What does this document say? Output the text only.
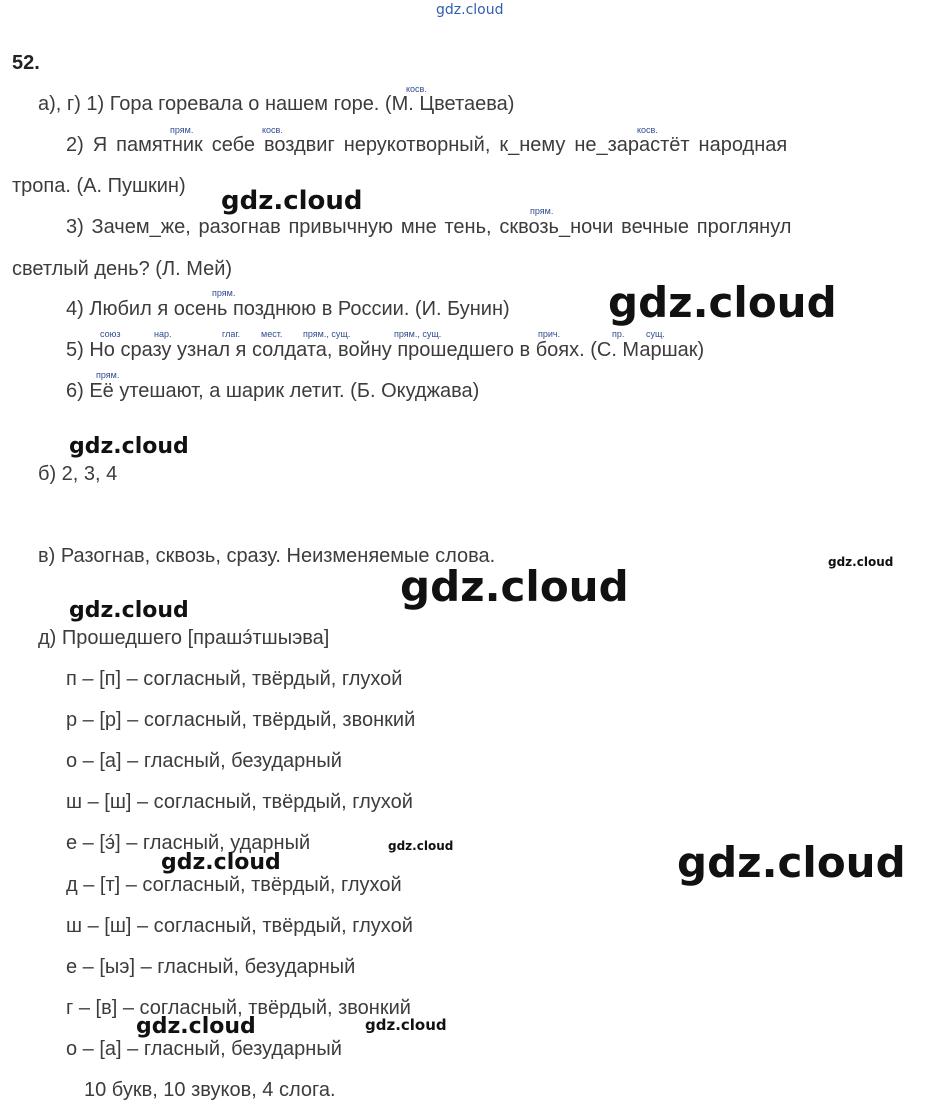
gdz.cloud
52.
а), г) 1) Гора горевала о нашем горе. (М. Цветаева)
косв.
2) Я памятник себе воздвиг нерукотворный, к_нему не_зарастёт народная
прям.	косв.	косв.
тропа. (А. Пушкин)
3) Зачем_же, разогнав привычную мне тень, сквозь_ночи вечные проглянул
прям.
светлый день? (Л. Мей)
прям.
4) Любил я осень позднюю в России. (И. Бунин)
союз	нар.	глаг. мест. прям., сущ.	прям., сущ.	прич.	пр. сущ.
5) Но сразу узнал я солдата, войну прошедшего в боях. (С. Маршак)
прям.
6) Её утешают, а шарик летит. (Б. Окуджава)
б) 2, 3, 4
в) Разогнав, сквозь, сразу. Неизменяемые слова.
д) Прошедшего [прашэ́тшыэва]
п – [п] – согласный, твёрдый, глухой
р – [р] – согласный, твёрдый, звонкий
о – [а] – гласный, безударный
ш – [ш] – согласный, твёрдый, глухой
е – [э́] – гласный, ударный
д – [т] – согласный, твёрдый, глухой
ш – [ш] – согласный, твёрдый, глухой
е – [ыэ] – гласный, безударный
г – [в] – согласный, твёрдый, звонкий
о – [а] – гласный, безударный
10 букв, 10 звуков, 4 слога.
gdz.cloud
gdz.cloud
gdz.cloud
gdz.cloud
gdz.cloud
gdz.cloud
gdz.cloud	gdz.cloud
gdz.cloud
gdz.cloud	gdz.cloud
